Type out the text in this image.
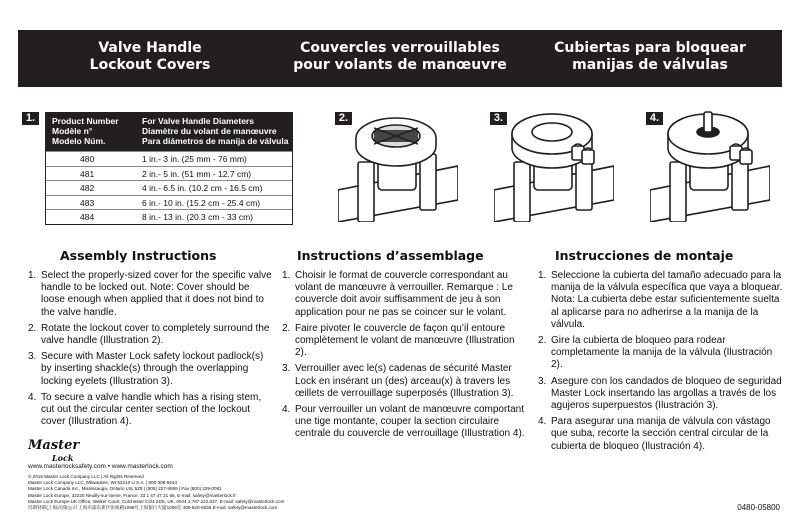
Valve Handle
Lockout Covers
Couvercles verrouillables
pour volants de manœuvre
Cubiertas para bloquear
manijas de válvulas
1.	2.	3.	4.
Product Number
Modèle n°
Modelo Núm.
For Valve Handle Diameters
Diamètre du volant de manœuvre
Para diámetros de manija de válvula
480	1 in.- 3 in. (25 mm - 76 mm)
481	2 in.- 5 in. (51 mm - 12.7 cm)
482	4 in.- 6.5 in. (10.2 cm - 16.5 cm)
483	6 in.- 10 in. (15.2 cm - 25.4 cm)
484	8 in.- 13 in. (20.3 cm - 33 cm)
Assembly Instructions	Instructions d’assemblage	Instrucciones de montaje
1. Select the properly-sized cover for the specific valve handle to be locked out. Note: Cover should be loose enough when applied that it does not bind to the valve handle.
2. Rotate the lockout cover to completely surround the valve handle (Illustration 2).
3. Secure with Master Lock safety lockout padlock(s) by inserting shackle(s) through the overlapping locking eyelets (Illustration 3).
4. To secure a valve handle which has a rising stem, cut out the circular center section of the lockout cover (Illustration 4).
1. Choisir le format de couvercle correspondant au volant de manœuvre à verrouiller. Remarque : Le couvercle doit avoir suffisamment de jeu à son application pour ne pas se coincer sur le volant.
2. Faire pivoter le couvercle de façon qu’il entoure complètement le volant de manœuvre (Illustration 2).
3. Verrouiller avec le(s) cadenas de sécurité Master Lock en insérant un (des) arceau(x) à travers les œillets de verrouillage superposés (Illustration 3).
4. Pour verrouiller un volant de manœuvre comportant une tige montante, couper la section circulaire centrale du couvercle de verrouillage (Illustration 4).
1. Seleccione la cubierta del tamaño adecuado para la manija de la válvula específica que vaya a bloquear. Nota: La cubierta debe estar suficientemente suelta al aplicarse para no adherirse a la manija de la válvula.
2. Gire la cubierta de bloqueo para rodear completamente la manija de la válvula (Ilustración 2).
3. Asegure con los candados de bloqueo de seguridad Master Lock insertando las argollas a través de los agujeros superpuestos (Ilustración 3).
4. Para asegurar una manija de válvula con vástago que suba, recorte la sección central circular de la cubierta de bloqueo (Ilustración 4).
Master
Lock
www.masterlocksafety.com • www.masterlock.com
© 2015 Master Lock Company LLC | All Rights Reserved
Master Lock Company LLC, Milwaukee, WI 53210 U.S.A. | 800-308-9244
Master Lock Canada Inc., Mississauga, Ontario L5L 5Z9 | (905) 227-9599 | Fax (800) 229-0081
Master Lock Europe, 32220 Neuilly-sur-Seine, France. 33 1 47 47 21 66, E-mail: safety@masterlock.fr
Master Lock Europe-UK Office, Walker Court, Colchester CO4 2DS, UK. 0044.1.787.222.027, E-mail: safety@masterlock.com
玛斯特锁(上海)有限公司 上海市浦东新区张杨路1088号上海银行大厦1006室 400-820-6535 E-mail: safety@masterlock.com	0480-05800
